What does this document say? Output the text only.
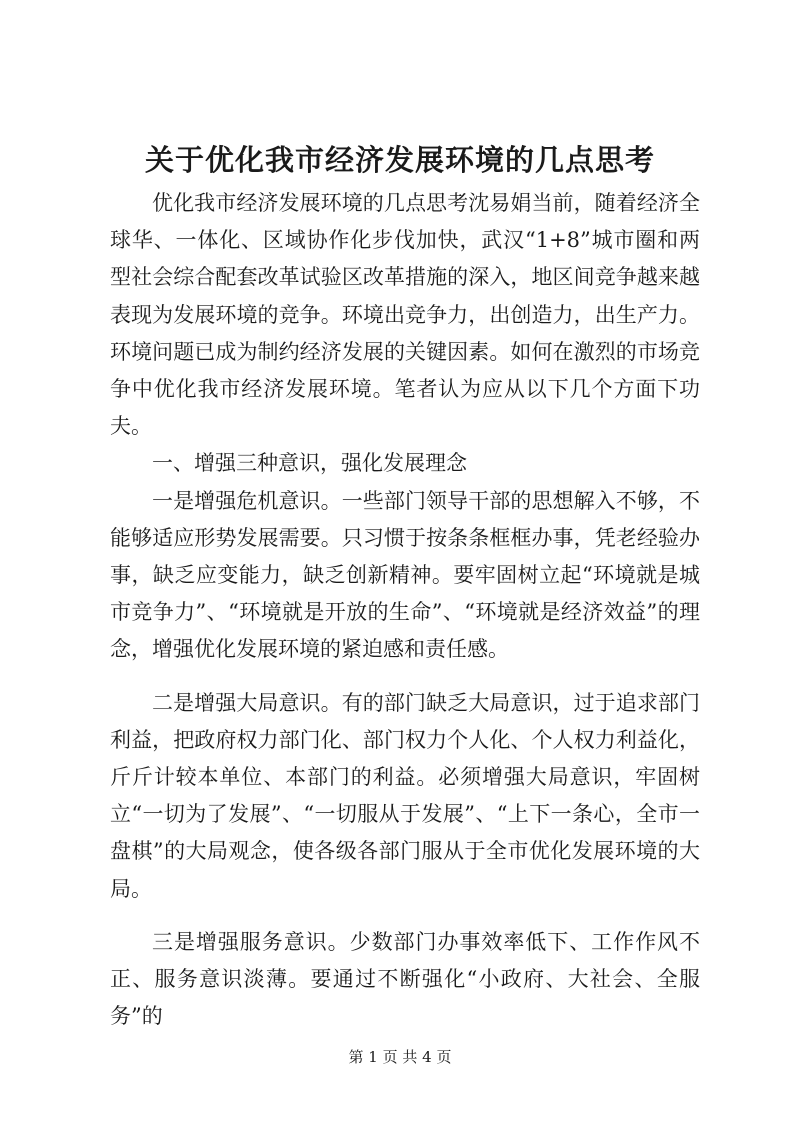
关于优化我市经济发展环境的几点思考

优化我市经济发展环境的几点思考沈易娟当前，随着经济全球华、一体化、区域协作化步伐加快，武汉“1+8”城市圈和两型社会综合配套改革试验区改革措施的深入，地区间竞争越来越表现为发展环境的竞争。环境出竞争力，出创造力，出生产力。环境问题已成为制约经济发展的关键因素。如何在激烈的市场竞争中优化我市经济发展环境。笔者认为应从以下几个方面下功夫。

一、增强三种意识，强化发展理念

一是增强危机意识。一些部门领导干部的思想解入不够，不能够适应形势发展需要。只习惯于按条条框框办事，凭老经验办事，缺乏应变能力，缺乏创新精神。要牢固树立起“环境就是城市竞争力”、“环境就是开放的生命”、“环境就是经济效益”的理念，增强优化发展环境的紧迫感和责任感。

二是增强大局意识。有的部门缺乏大局意识，过于追求部门利益，把政府权力部门化、部门权力个人化、个人权力利益化，斤斤计较本单位、本部门的利益。必须增强大局意识，牢固树立“一切为了发展”、“一切服从于发展”、“上下一条心，全市一盘棋”的大局观念，使各级各部门服从于全市优化发展环境的大局。

三是增强服务意识。少数部门办事效率低下、工作作风不正、服务意识淡薄。要通过不断强化“小政府、大社会、全服务”的

第 1 页 共 4 页
